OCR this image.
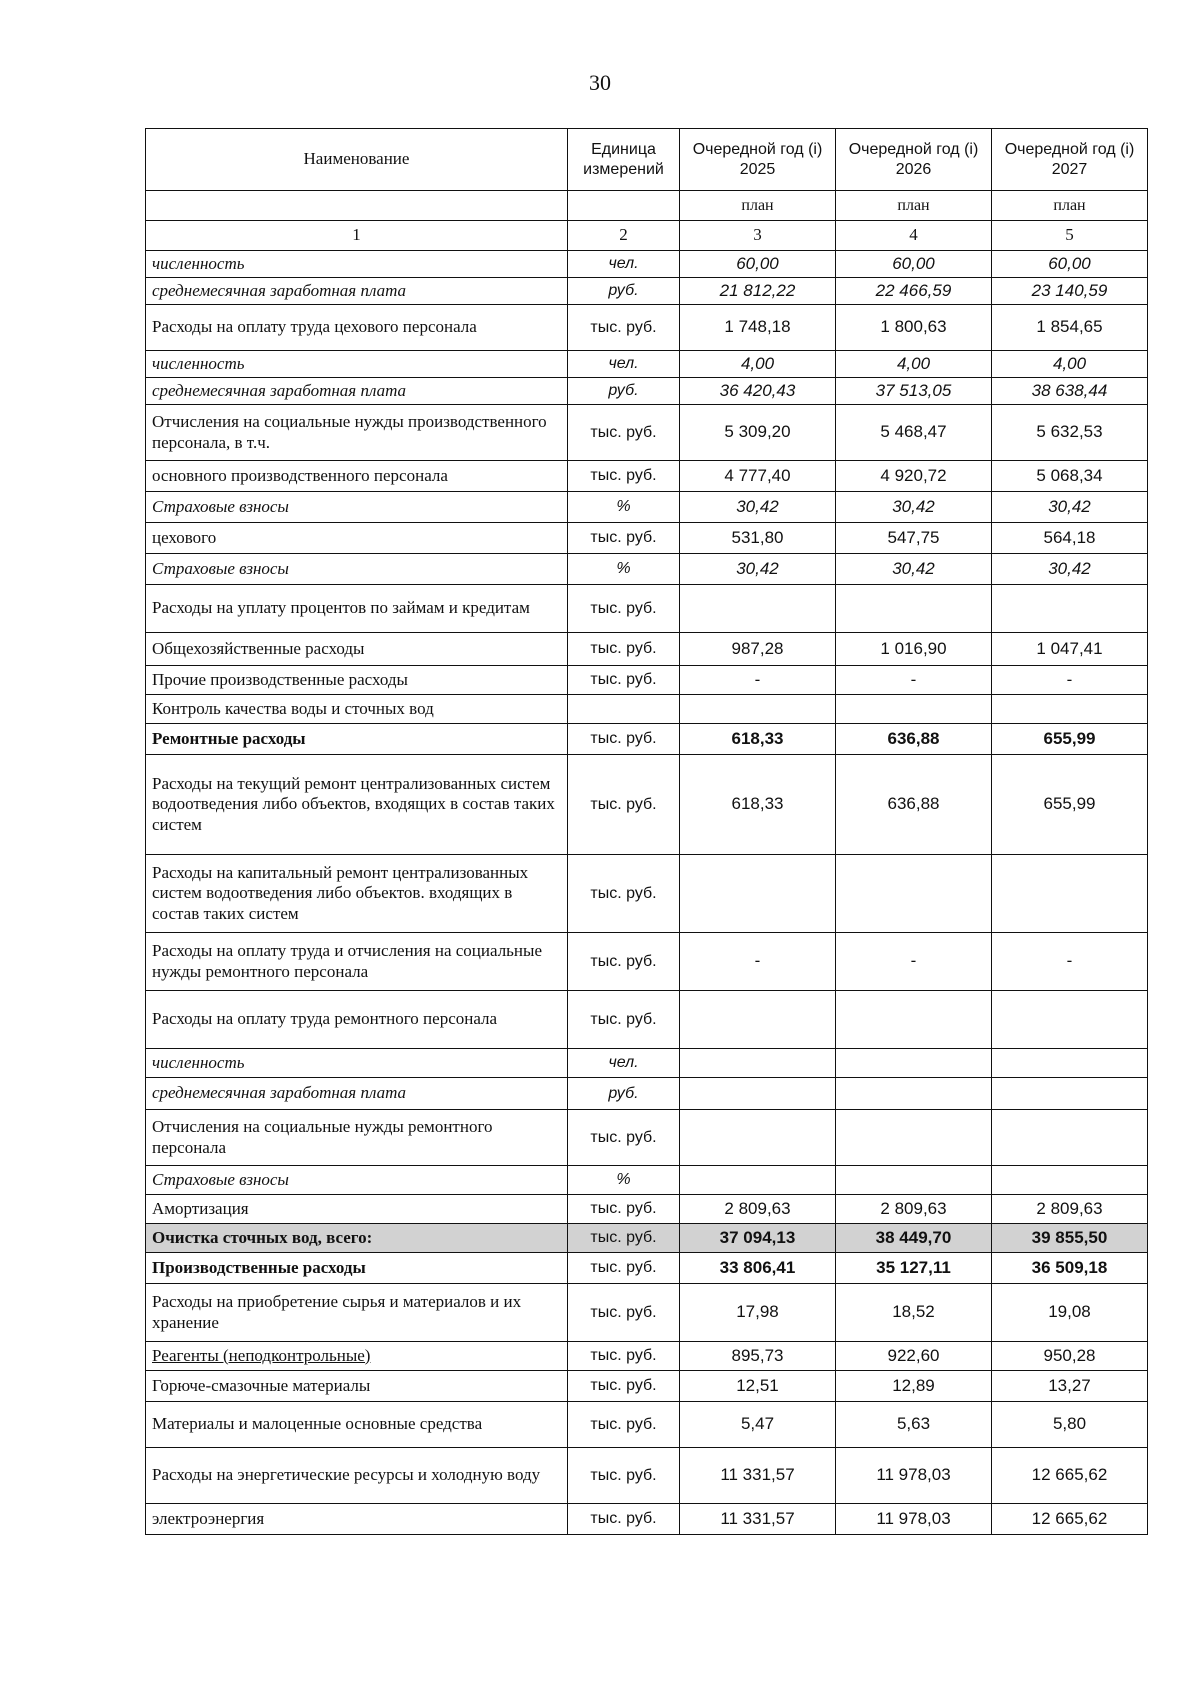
30
Наименование	Единица измерений	Очередной год (i) 2025	Очередной год (i) 2026	Очередной год (i) 2027
		план	план	план
1	2	3	4	5
численность	чел.	60,00	60,00	60,00
среднемесячная заработная плата	руб.	21 812,22	22 466,59	23 140,59
Расходы на оплату труда цехового персонала	тыс. руб.	1 748,18	1 800,63	1 854,65
численность	чел.	4,00	4,00	4,00
среднемесячная заработная плата	руб.	36 420,43	37 513,05	38 638,44
Отчисления на социальные нужды производственного персонала, в т.ч.	тыс. руб.	5 309,20	5 468,47	5 632,53
основного производственного персонала	тыс. руб.	4 777,40	4 920,72	5 068,34
Страховые взносы	%	30,42	30,42	30,42
цехового	тыс. руб.	531,80	547,75	564,18
Страховые взносы	%	30,42	30,42	30,42
Расходы на уплату процентов по займам и кредитам	тыс. руб.			
Общехозяйственные расходы	тыс. руб.	987,28	1 016,90	1 047,41
Прочие производственные расходы	тыс. руб.	-	-	-
Контроль качества воды и сточных вод				
Ремонтные расходы	тыс. руб.	618,33	636,88	655,99
Расходы на текущий ремонт централизованных систем водоотведения либо объектов, входящих в состав таких систем	тыс. руб.	618,33	636,88	655,99
Расходы на капитальный ремонт централизованных систем водоотведения либо объектов. входящих в состав таких систем	тыс. руб.			
Расходы на оплату труда и отчисления на социальные нужды ремонтного персонала	тыс. руб.	-	-	-
Расходы на оплату труда ремонтного персонала	тыс. руб.			
численность	чел.			
среднемесячная заработная плата	руб.			
Отчисления на социальные нужды ремонтного персонала	тыс. руб.			
Страховые взносы	%			
Амортизация	тыс. руб.	2 809,63	2 809,63	2 809,63
Очистка сточных вод, всего:	тыс. руб.	37 094,13	38 449,70	39 855,50
Производственные расходы	тыс. руб.	33 806,41	35 127,11	36 509,18
Расходы на приобретение сырья и материалов и их хранение	тыс. руб.	17,98	18,52	19,08
Реагенты (неподконтрольные)	тыс. руб.	895,73	922,60	950,28
Горюче-смазочные материалы	тыс. руб.	12,51	12,89	13,27
Материалы и малоценные основные средства	тыс. руб.	5,47	5,63	5,80
Расходы на энергетические ресурсы и холодную воду	тыс. руб.	11 331,57	11 978,03	12 665,62
электроэнергия	тыс. руб.	11 331,57	11 978,03	12 665,62
